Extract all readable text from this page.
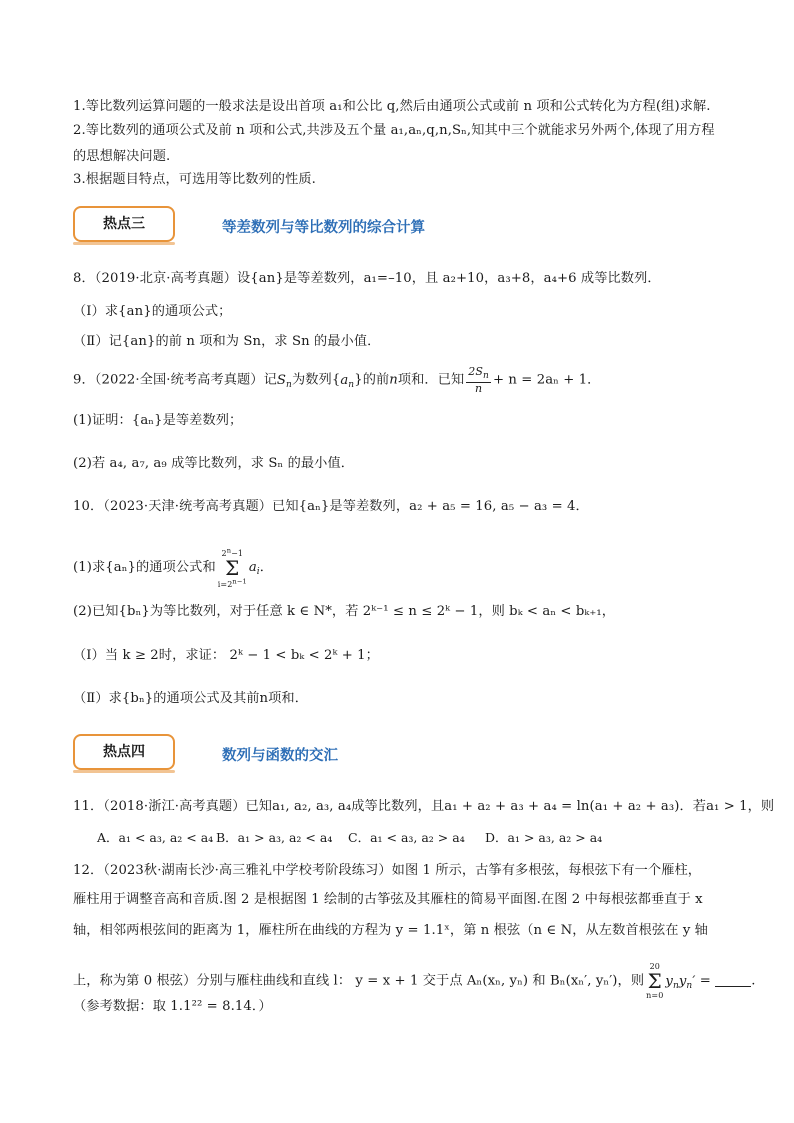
1.等比数列运算问题的一般求法是设出首项 a₁和公比 q,然后由通项公式或前 n 项和公式转化为方程(组)求解.
2.等比数列的通项公式及前 n 项和公式,共涉及五个量 a₁,aₙ,q,n,Sₙ,知其中三个就能求另外两个,体现了用方程
的思想解决问题.
3.根据题目特点，可选用等比数列的性质.
热点三	等差数列与等比数列的综合计算
8．（2019·北京·高考真题）设{an}是等差数列，a₁=–10，且 a₂+10，a₃+8，a₄+6 成等比数列．
（Ⅰ）求{an}的通项公式；
（Ⅱ）记{an}的前 n 项和为 Sn，求 Sn 的最小值．
9．（2022·全国·统考高考真题）记$S_n$为数列$\{a_n\}$的前n项和．已知 $\frac{2S_n}{n} + n = 2a_n + 1$．
(1)证明：{aₙ}是等差数列；
(2)若 a₄, a₇, a₉ 成等比数列，求 Sₙ 的最小值．
10．（2023·天津·统考高考真题）已知{aₙ}是等差数列，a₂ + a₅ = 16, a₅ − a₃ = 4．
(1)求{aₙ}的通项公式和$2^n-1$
Σ
$i=2^{n-1}a_i$．
(2)已知{bₙ}为等比数列，对于任意 k ∈ N*，若 2ᵏ⁻¹ ≤ n ≤ 2ᵏ − 1，则 bₖ < aₙ < bₖ₊₁，
（Ⅰ）当 k ≥ 2时，求证： 2ᵏ − 1 < bₖ < 2ᵏ + 1；
（Ⅱ）求{bₙ}的通项公式及其前n项和．
热点四	数列与函数的交汇
11．（2018·浙江·高考真题）已知a₁, a₂, a₃, a₄成等比数列，且a₁ + a₂ + a₃ + a₄ = ln(a₁ + a₂ + a₃)．若a₁ > 1，则
A．a₁ < a₃, a₂ < a₄ B．a₁ > a₃, a₂ < a₄ C．a₁ < a₃, a₂ > a₄ D．a₁ > a₃, a₂ > a₄
12．（2023秋·湖南长沙·高三雅礼中学校考阶段练习）如图 1 所示，古筝有多根弦，每根弦下有一个雁柱，
雁柱用于调整音高和音质.图 2 是根据图 1 绘制的古筝弦及其雁柱的简易平面图.在图 2 中每根弦都垂直于 x
轴，相邻两根弦间的距离为 1，雁柱所在曲线的方程为 y = 1.1ˣ，第 n 根弦（n ∈ N，从左数首根弦在 y 轴
上，称为第 0 根弦）分别与雁柱曲线和直线 l： y = x + 1 交于点 Aₙ(xₙ, yₙ) 和 Bₙ(xₙ′, yₙ′)，则20
Σ
$n=0y_ny_n'$ =	.
（参考数据：取 1.1²² = 8.14．）
